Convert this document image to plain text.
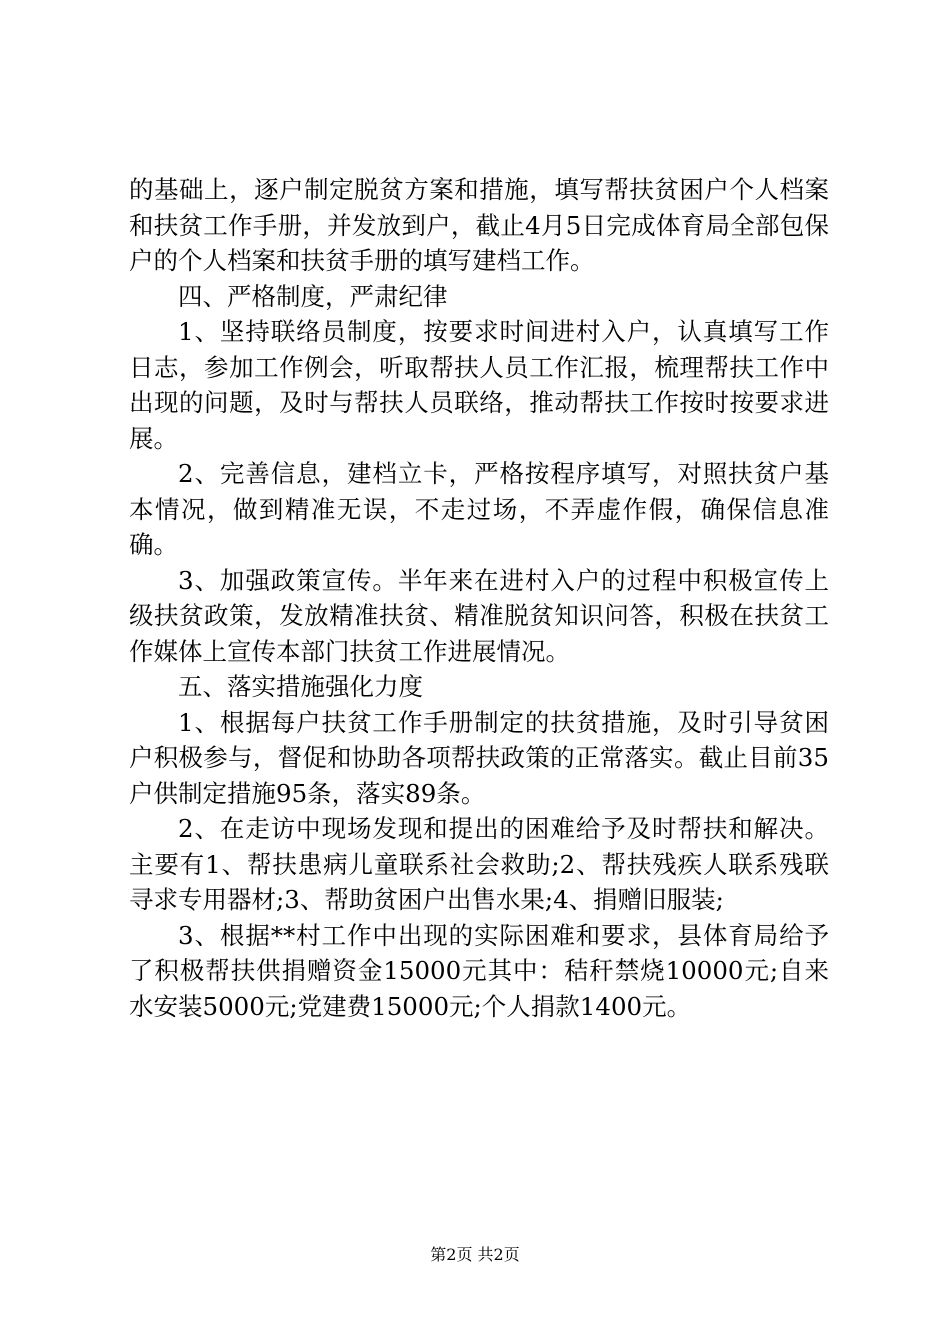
的基础上，逐户制定脱贫方案和措施，填写帮扶贫困户个人档案和扶贫工作手册，并发放到户，截止4月5日完成体育局全部包保户的个人档案和扶贫手册的填写建档工作。

四、严格制度，严肃纪律

1、坚持联络员制度，按要求时间进村入户，认真填写工作日志，参加工作例会，听取帮扶人员工作汇报，梳理帮扶工作中出现的问题，及时与帮扶人员联络，推动帮扶工作按时按要求进展。

2、完善信息，建档立卡，严格按程序填写，对照扶贫户基本情况，做到精准无误，不走过场，不弄虚作假，确保信息准确。

3、加强政策宣传。半年来在进村入户的过程中积极宣传上级扶贫政策，发放精准扶贫、精准脱贫知识问答，积极在扶贫工作媒体上宣传本部门扶贫工作进展情况。

五、落实措施强化力度

1、根据每户扶贫工作手册制定的扶贫措施，及时引导贫困户积极参与，督促和协助各项帮扶政策的正常落实。截止目前35户供制定措施95条，落实89条。

2、在走访中现场发现和提出的困难给予及时帮扶和解决。主要有1、帮扶患病儿童联系社会救助;2、帮扶残疾人联系残联寻求专用器材;3、帮助贫困户出售水果;4、捐赠旧服装;

3、根据**村工作中出现的实际困难和要求，县体育局给予了积极帮扶供捐赠资金15000元其中：秸秆禁烧10000元;自来水安装5000元;党建费15000元;个人捐款1400元。

第2页 共2页
